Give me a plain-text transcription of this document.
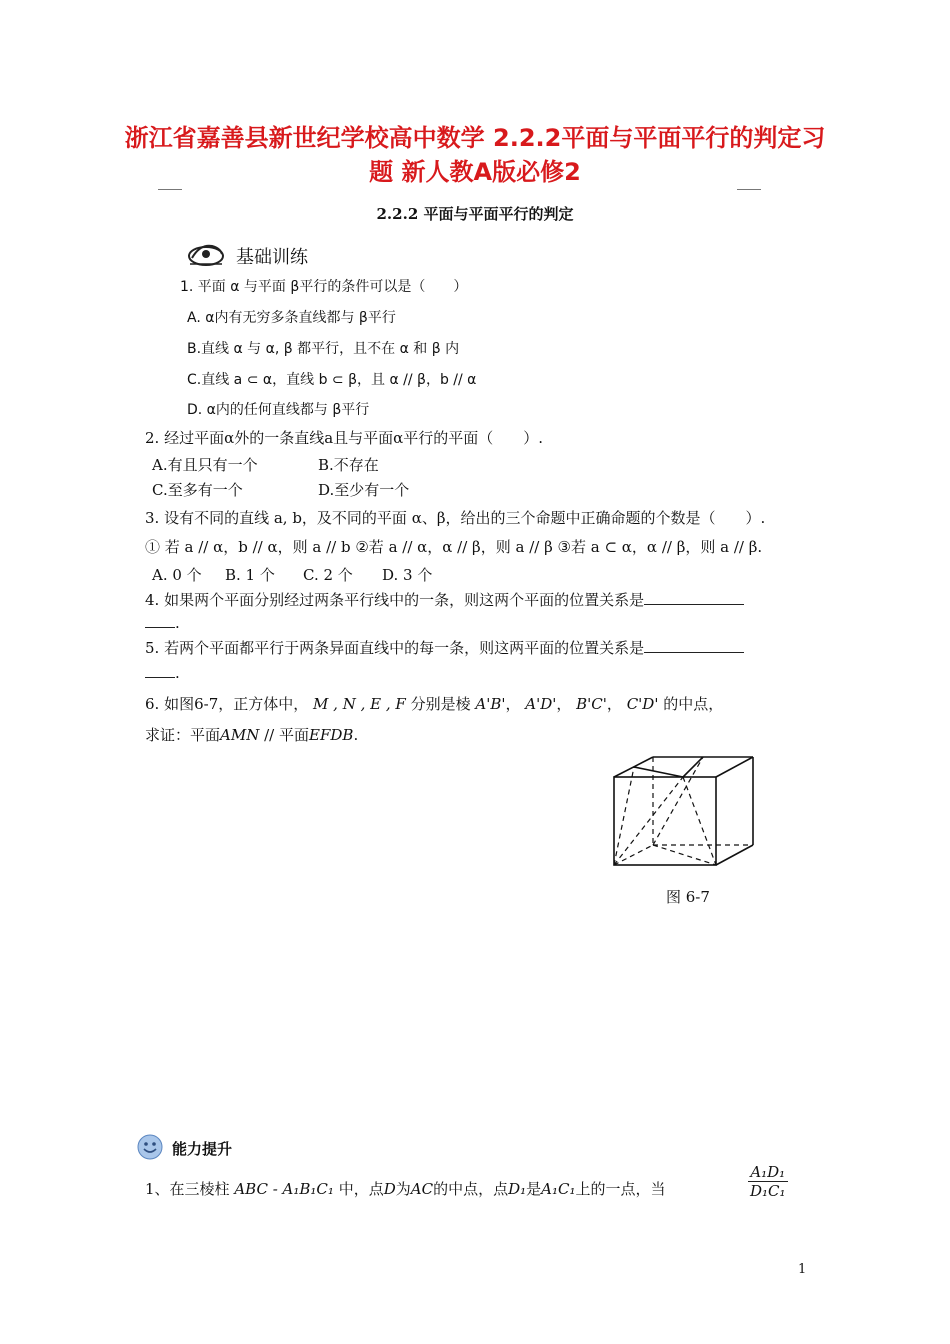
浙江省嘉善县新世纪学校高中数学 2.2.2平面与平面平行的判定习
题 新人教A版必修2
2.2.2 平面与平面平行的判定
基础训练
1. 平面 α 与平面 β平行的条件可以是（　　）
A. α内有无穷多条直线都与 β平行
B.直线 α 与 α, β 都平行，且不在 α 和 β 内
C.直线 a ⊂ α，直线 b ⊂ β，且 α // β，b // α
D. α内的任何直线都与 β平行
2. 经过平面α外的一条直线a且与平面α平行的平面（　　）.
A.有且只有一个	B.不存在
C.至多有一个	D.至少有一个
3. 设有不同的直线 a, b，及不同的平面 α、β，给出的三个命题中正确命题的个数是（　　）.
① 若 a // α，b // α，则 a // b ②若 a // α，α // β，则 a // β ③若 a ⊂ α，α // β，则 a // β.
A. 0 个 B. 1 个 C. 2 个 D. 3 个
4. 如果两个平面分别经过两条平行线中的一条，则这两个平面的位置关系是
.
5. 若两个平面都平行于两条异面直线中的每一条，则这两平面的位置关系是
.
6. 如图6-7，正方体中， M , N , E , F 分别是棱 A'B'， A'D'， B'C'， C'D' 的中点，
求证：平面AMN // 平面EFDB.
图 6-7
能力提升
1、在三棱柱 ABC - A₁B₁C₁ 中，点D为AC的中点，点D₁是A₁C₁上的一点，当	$\frac{\text{A₁D₁}}{\text{D₁C₁}}$
1
